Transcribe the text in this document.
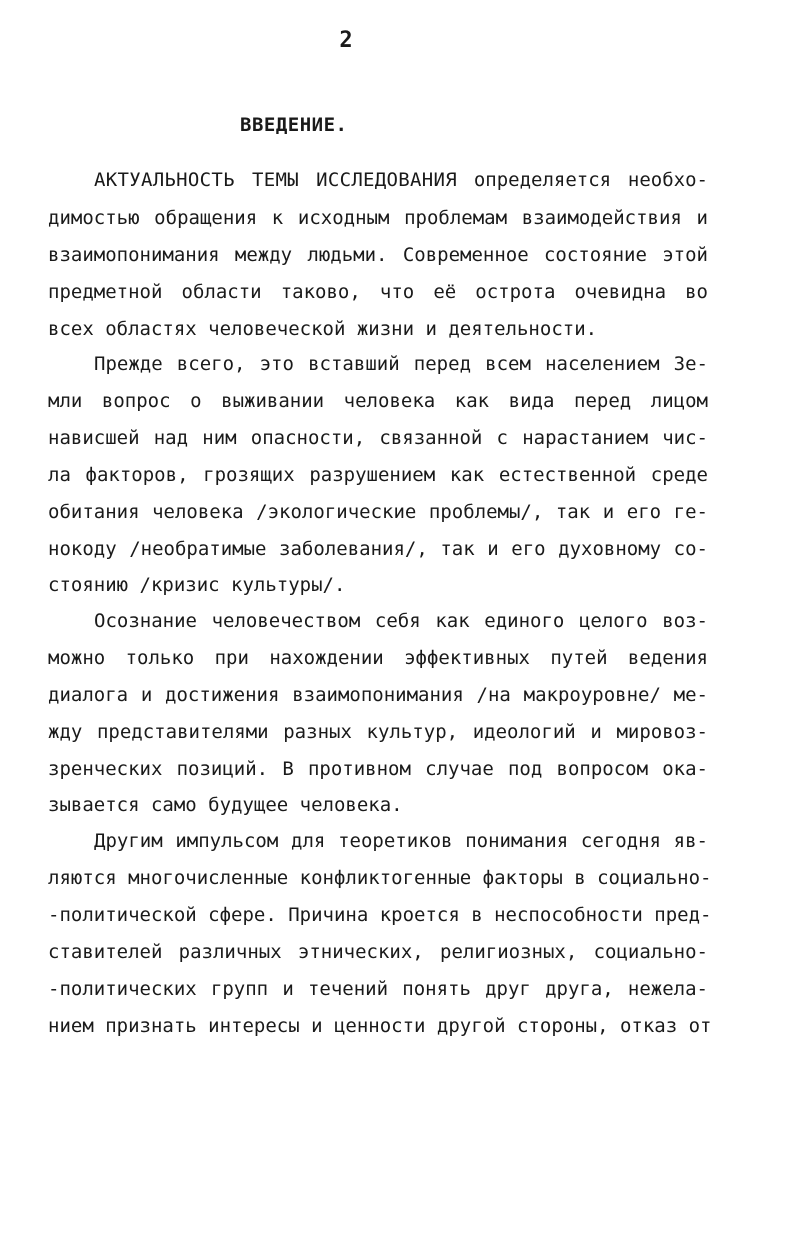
2
ВВЕДЕНИЕ.
АКТУАЛЬНОСТЬ ТЕМЫ ИССЛЕДОВАНИЯ определяется необхо-
димостью обращения к исходным проблемам взаимодействия и
взаимопонимания между людьми. Современное состояние этой
предметной области таково, что её острота очевидна во
всех областях человеческой жизни и деятельности.
Прежде всего, это вставший перед всем населением Зе-
мли вопрос о выживании человека как вида перед лицом
нависшей над ним опасности, связанной с нарастанием чис-
ла факторов, грозящих разрушением как естественной среде
обитания человека /экологические проблемы/, так и его ге-
нокоду /необратимые заболевания/, так и его духовному со-
стоянию /кризис культуры/.
Осознание человечеством себя как единого целого воз-
можно только при нахождении эффективных путей ведения
диалога и достижения взаимопонимания /на макроуровне/ ме-
жду представителями разных культур, идеологий и мировоз-
зренческих позиций. В противном случае под вопросом ока-
зывается само будущее человека.
Другим импульсом для теоретиков понимания сегодня яв-
ляются многочисленные конфликтогенные факторы в социально-
-политической сфере. Причина кроется в неспособности пред-
ставителей различных этнических, религиозных, социально-
-политических групп и течений понять друг друга, нежела-
нием признать интересы и ценности другой стороны, отказ от
